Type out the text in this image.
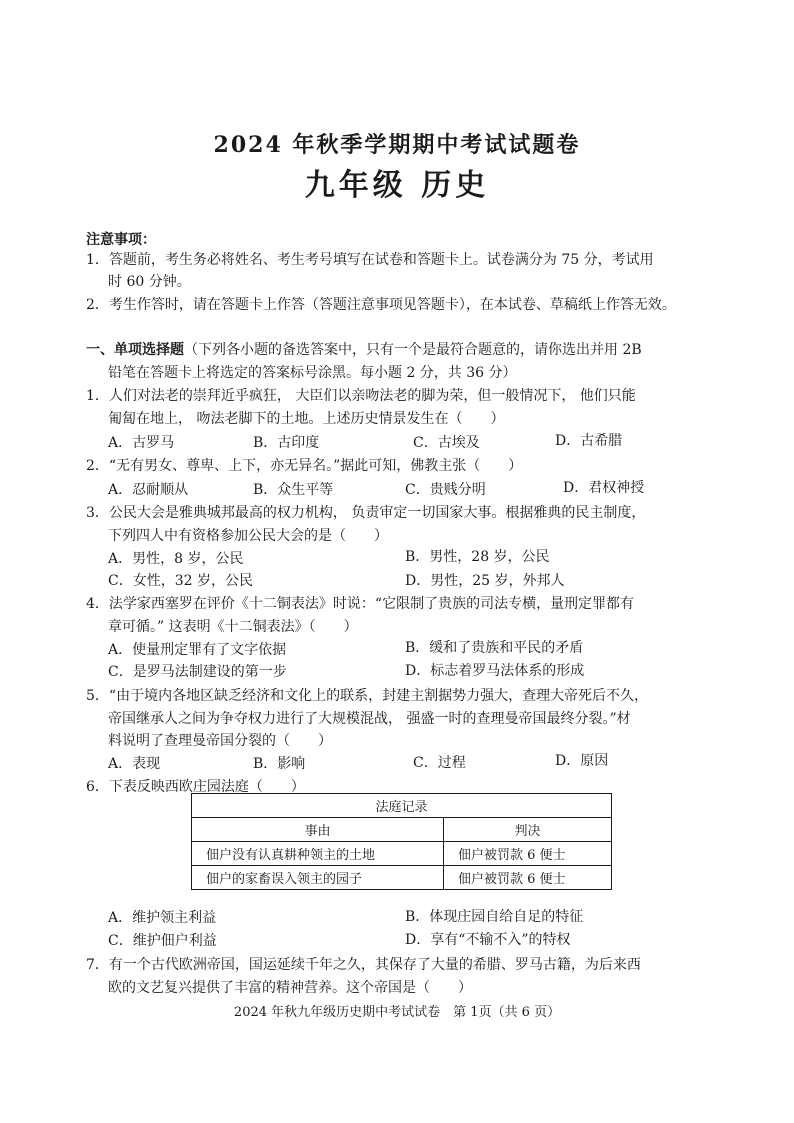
2024 年秋季学期期中考试试题卷
九年级 历史
注意事项：
1．答题前，考生务必将姓名、考生考号填写在试卷和答题卡上。试卷满分为 75 分，考试用
时 60 分钟。
2．考生作答时，请在答题卡上作答（答题注意事项见答题卡），在本试卷、草稿纸上作答无效。
一、单项选择题（下列各小题的备选答案中，只有一个是最符合题意的，请你选出并用 2B
铅笔在答题卡上将选定的答案标号涂黑。每小题 2 分，共 36 分）
1．人们对法老的崇拜近乎疯狂， 大臣们以亲吻法老的脚为荣，但一般情况下， 他们只能
匍匐在地上， 吻法老脚下的土地。上述历史情景发生在（　　）
A．古罗马	B．古印度	C．古埃及	D．古希腊
2．“无有男女、尊卑、上下，亦无异名。”据此可知，佛教主张（　　）
A．忍耐顺从	B．众生平等	C．贵贱分明	D．君权神授
3．公民大会是雅典城邦最高的权力机构， 负责审定一切国家大事。根据雅典的民主制度，
下列四人中有资格参加公民大会的是（　　）
A．男性，8 岁，公民	B．男性，28 岁，公民
C．女性，32 岁，公民	D．男性，25 岁，外邦人
4．法学家西塞罗在评价《十二铜表法》时说：“它限制了贵族的司法专横，量刑定罪都有
章可循。” 这表明《十二铜表法》（　　）
A．使量刑定罪有了文字依据	B．缓和了贵族和平民的矛盾
C．是罗马法制建设的第一步	D．标志着罗马法体系的形成
5．“由于境内各地区缺乏经济和文化上的联系，封建主割据势力强大，查理大帝死后不久，
帝国继承人之间为争夺权力进行了大规模混战， 强盛一时的查理曼帝国最终分裂。”材
料说明了查理曼帝国分裂的（　　）
A．表现	B．影响	C．过程	D．原因
6．下表反映西欧庄园法庭（　　）
法庭记录	
事由	判决
佃户没有认真耕种领主的土地	佃户被罚款 6 便士
佃户的家畜误入领主的园子	佃户被罚款 6 便士
A．维护领主利益	B．体现庄园自给自足的特征
C．维护佃户利益	D．享有“不输不入”的特权
7．有一个古代欧洲帝国，国运延续千年之久，其保存了大量的希腊、罗马古籍，为后来西
欧的文艺复兴提供了丰富的精神营养。这个帝国是（　　）
2024 年秋九年级历史期中考试试卷　第 1页（共 6 页）
